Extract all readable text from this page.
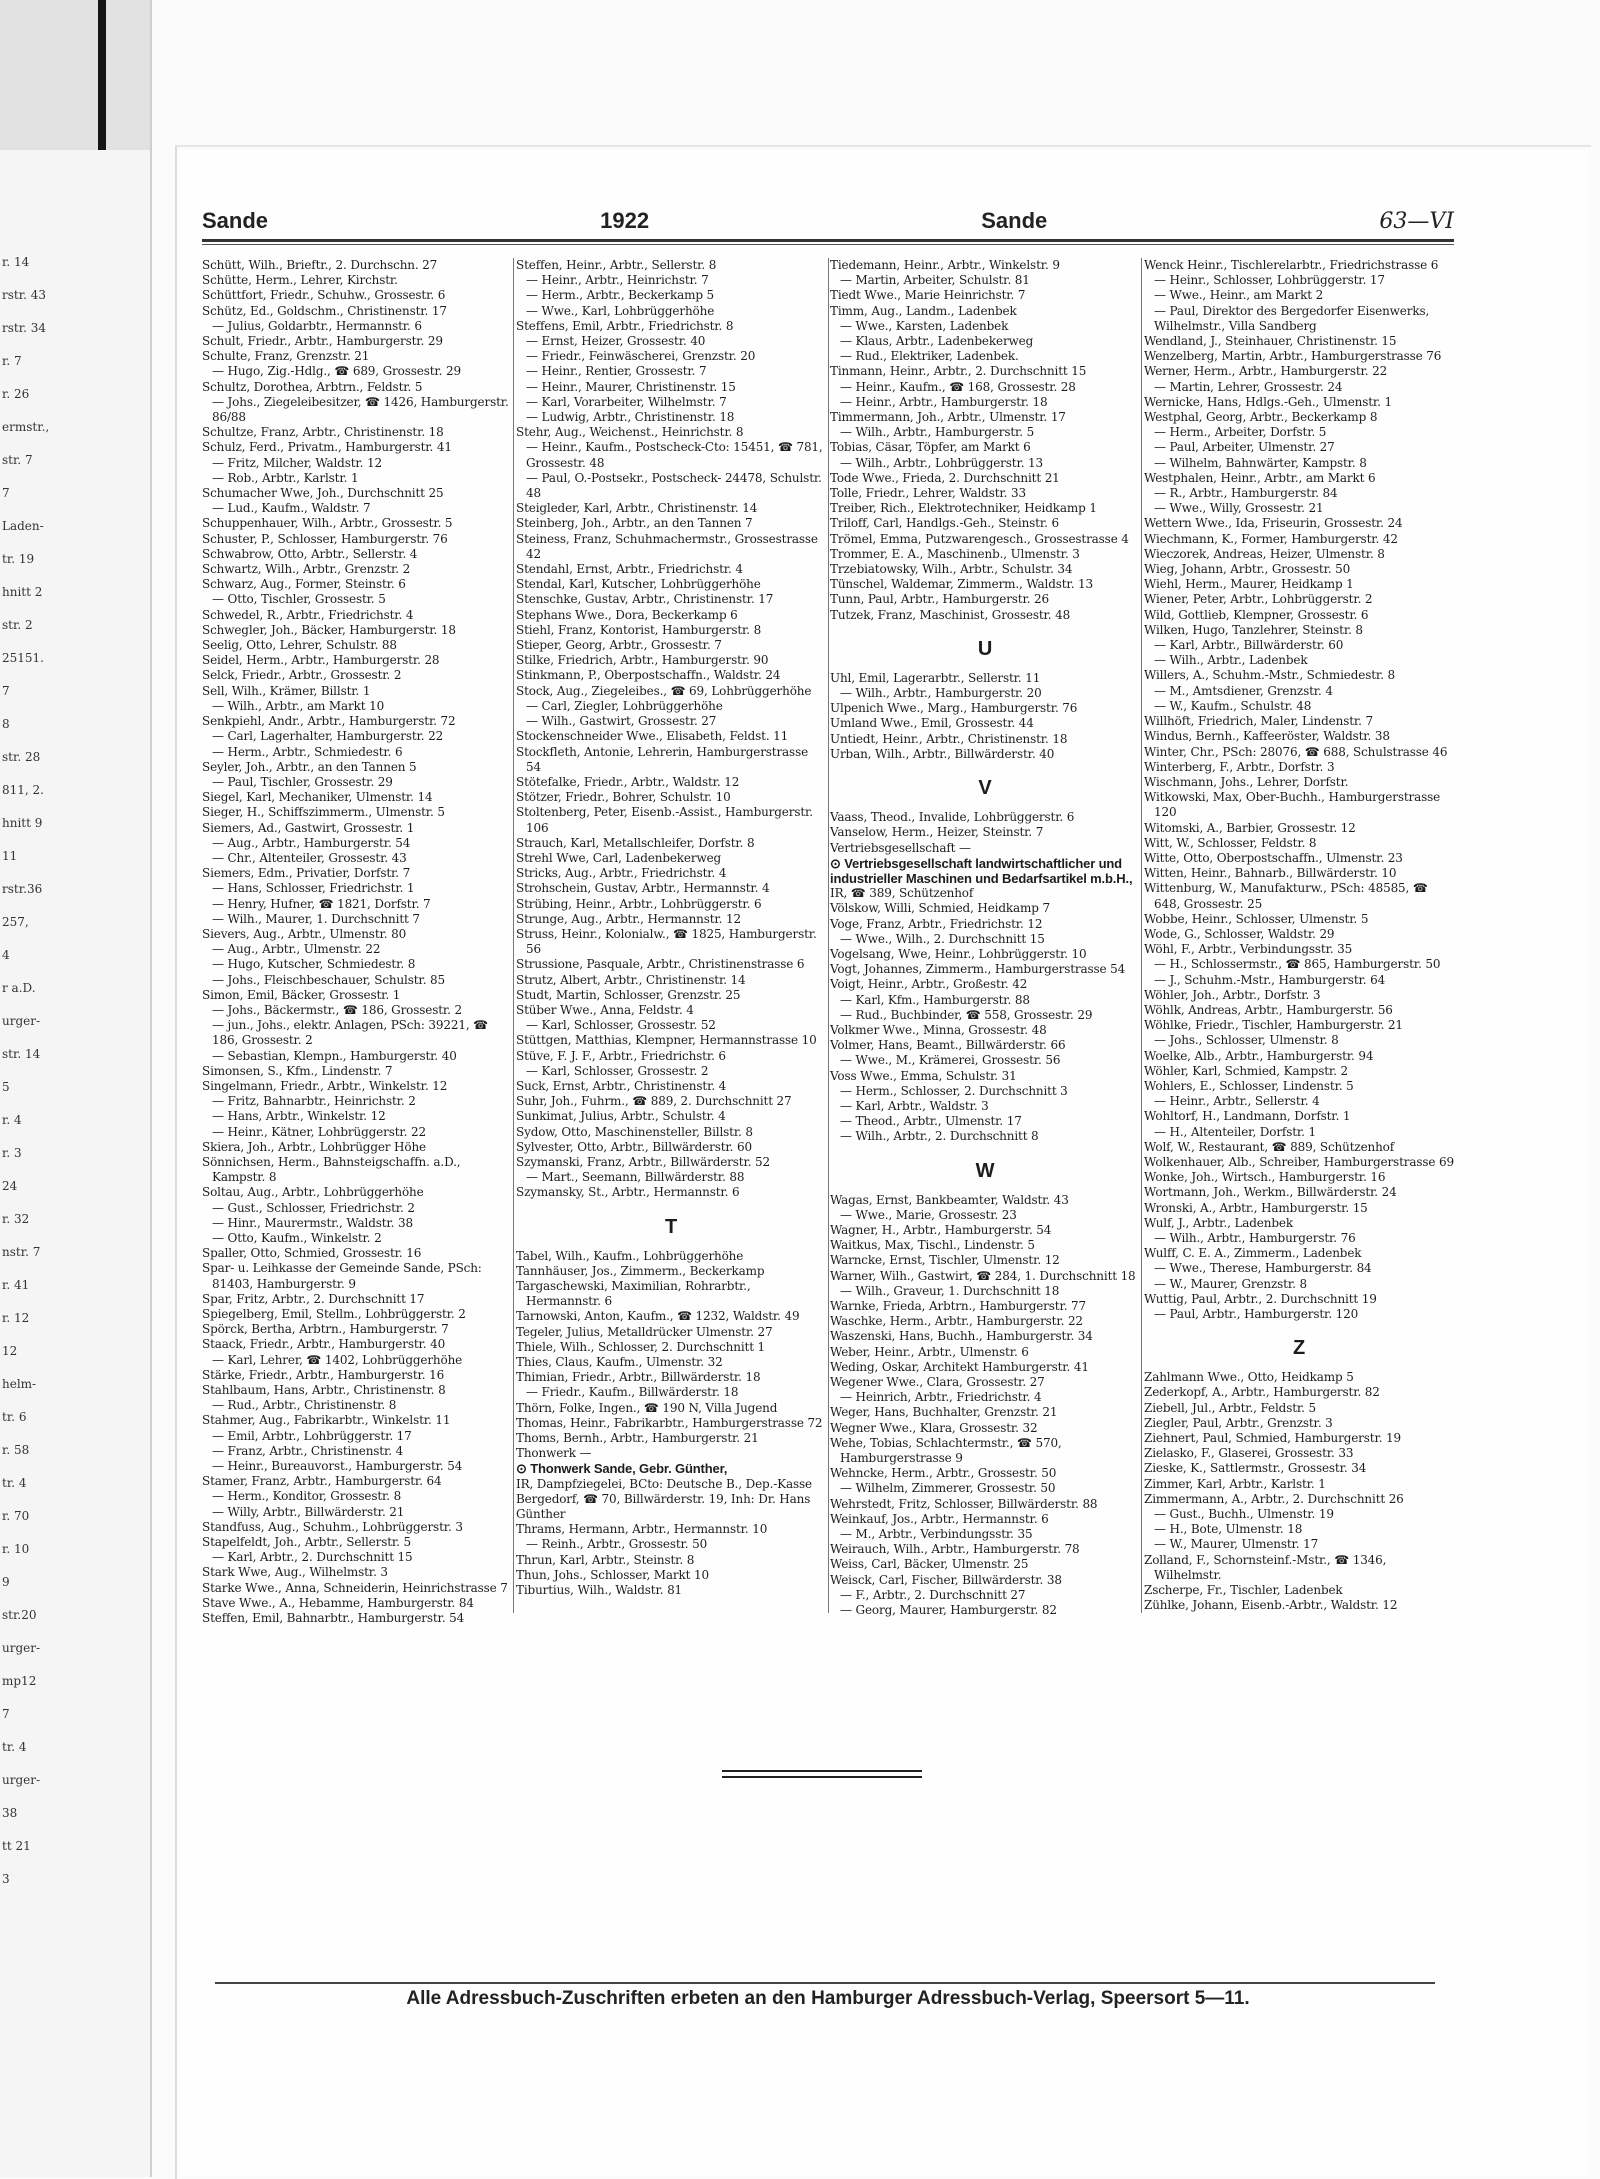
r. 14
rstr. 43
rstr. 34
r. 7
r. 26
ermstr.,
str. 7
7
Laden-
tr. 19
hnitt 2
str. 2
25151.
7
8
str. 28
811, 2.
hnitt 9
11
rstr.36
257,
4
r a.D.
urger-
str. 14
5
r. 4
r. 3
24
r. 32
nstr. 7
r. 41
r. 12
12
helm-
tr. 6
r. 58
tr. 4
r. 70
r. 10
9
str.20
urger-
mp12
7
tr. 4
urger-
38
tt 21
3
Sande	1922	Sande	63—VI
Schütt, Wilh., Brieftr., 2. Durchschn. 27
Schütte, Herm., Lehrer, Kirchstr.
Schüttfort, Friedr., Schuhw., Grossestr. 6
Schütz, Ed., Goldschm., Christinenstr. 17
— Julius, Goldarbtr., Hermannstr. 6
Schult, Friedr., Arbtr., Hamburgerstr. 29
Schulte, Franz, Grenzstr. 21
— Hugo, Zig.-Hdlg., ☎ 689, Grossestr. 29
Schultz, Dorothea, Arbtrn., Feldstr. 5
— Johs., Ziegeleibesitzer, ☎ 1426, Hamburgerstr. 86/88
Schultze, Franz, Arbtr., Christinenstr. 18
Schulz, Ferd., Privatm., Hamburgerstr. 41
— Fritz, Milcher, Waldstr. 12
— Rob., Arbtr., Karlstr. 1
Schumacher Wwe, Joh., Durchschnitt 25
— Lud., Kaufm., Waldstr. 7
Schuppenhauer, Wilh., Arbtr., Grossestr. 5
Schuster, P., Schlosser, Hamburgerstr. 76
Schwabrow, Otto, Arbtr., Sellerstr. 4
Schwartz, Wilh., Arbtr., Grenzstr. 2
Schwarz, Aug., Former, Steinstr. 6
— Otto, Tischler, Grossestr. 5
Schwedel, R., Arbtr., Friedrichstr. 4
Schwegler, Joh., Bäcker, Hamburgerstr. 18
Seelig, Otto, Lehrer, Schulstr. 88
Seidel, Herm., Arbtr., Hamburgerstr. 28
Selck, Friedr., Arbtr., Grossestr. 2
Sell, Wilh., Krämer, Billstr. 1
— Wilh., Arbtr., am Markt 10
Senkpiehl, Andr., Arbtr., Hamburgerstr. 72
— Carl, Lagerhalter, Hamburgerstr. 22
— Herm., Arbtr., Schmiedestr. 6
Seyler, Joh., Arbtr., an den Tannen 5
— Paul, Tischler, Grossestr. 29
Siegel, Karl, Mechaniker, Ulmenstr. 14
Sieger, H., Schiffszimmerm., Ulmenstr. 5
Siemers, Ad., Gastwirt, Grossestr. 1
— Aug., Arbtr., Hamburgerstr. 54
— Chr., Altenteiler, Grossestr. 43
Siemers, Edm., Privatier, Dorfstr. 7
— Hans, Schlosser, Friedrichstr. 1
— Henry, Hufner, ☎ 1821, Dorfstr. 7
— Wilh., Maurer, 1. Durchschnitt 7
Sievers, Aug., Arbtr., Ulmenstr. 80
— Aug., Arbtr., Ulmenstr. 22
— Hugo, Kutscher, Schmiedestr. 8
— Johs., Fleischbeschauer, Schulstr. 85
Simon, Emil, Bäcker, Grossestr. 1
— Johs., Bäckermstr., ☎ 186, Grossestr. 2
— jun., Johs., elektr. Anlagen, PSch: 39221, ☎ 186, Grossestr. 2
— Sebastian, Klempn., Hamburgerstr. 40
Simonsen, S., Kfm., Lindenstr. 7
Singelmann, Friedr., Arbtr., Winkelstr. 12
— Fritz, Bahnarbtr., Heinrichstr. 2
— Hans, Arbtr., Winkelstr. 12
— Heinr., Kätner, Lohbrüggerstr. 22
Skiera, Joh., Arbtr., Lohbrügger Höhe
Sönnichsen, Herm., Bahnsteigschaffn. a.D., Kampstr. 8
Soltau, Aug., Arbtr., Lohbrüggerhöhe
— Gust., Schlosser, Friedrichstr. 2
— Hinr., Maurermstr., Waldstr. 38
— Otto, Kaufm., Winkelstr. 2
Spaller, Otto, Schmied, Grossestr. 16
Spar- u. Leihkasse der Gemeinde Sande, PSch: 81403, Hamburgerstr. 9
Spar, Fritz, Arbtr., 2. Durchschnitt 17
Spiegelberg, Emil, Stellm., Lohbrüggerstr. 2
Spörck, Bertha, Arbtrn., Hamburgerstr. 7
Staack, Friedr., Arbtr., Hamburgerstr. 40
— Karl, Lehrer, ☎ 1402, Lohbrüggerhöhe
Stärke, Friedr., Arbtr., Hamburgerstr. 16
Stahlbaum, Hans, Arbtr., Christinenstr. 8
— Rud., Arbtr., Christinenstr. 8
Stahmer, Aug., Fabrikarbtr., Winkelstr. 11
— Emil, Arbtr., Lohbrüggerstr. 17
— Franz, Arbtr., Christinenstr. 4
— Heinr., Bureauvorst., Hamburgerstr. 54
Stamer, Franz, Arbtr., Hamburgerstr. 64
— Herm., Konditor, Grossestr. 8
— Willy, Arbtr., Billwärderstr. 21
Standfuss, Aug., Schuhm., Lohbrüggerstr. 3
Stapelfeldt, Joh., Arbtr., Sellerstr. 5
— Karl, Arbtr., 2. Durchschnitt 15
Stark Wwe, Aug., Wilhelmstr. 3
Starke Wwe., Anna, Schneiderin, Heinrichstrasse 7
Stave Wwe., A., Hebamme, Hamburgerstr. 84
Steffen, Emil, Bahnarbtr., Hamburgerstr. 54
Steffen, Heinr., Arbtr., Sellerstr. 8
— Heinr., Arbtr., Heinrichstr. 7
— Herm., Arbtr., Beckerkamp 5
— Wwe., Karl, Lohbrüggerhöhe
Steffens, Emil, Arbtr., Friedrichstr. 8
— Ernst, Heizer, Grossestr. 40
— Friedr., Feinwäscherei, Grenzstr. 20
— Heinr., Rentier, Grossestr. 7
— Heinr., Maurer, Christinenstr. 15
— Karl, Vorarbeiter, Wilhelmstr. 7
— Ludwig, Arbtr., Christinenstr. 18
Stehr, Aug., Weichenst., Heinrichstr. 8
— Heinr., Kaufm., Postscheck-Cto: 15451, ☎ 781, Grossestr. 48
— Paul, O.-Postsekr., Postscheck- 24478, Schulstr. 48
Steigleder, Karl, Arbtr., Christinenstr. 14
Steinberg, Joh., Arbtr., an den Tannen 7
Steiness, Franz, Schuhmachermstr., Grossestrasse 42
Stendahl, Ernst, Arbtr., Friedrichstr. 4
Stendal, Karl, Kutscher, Lohbrüggerhöhe
Stenschke, Gustav, Arbtr., Christinenstr. 17
Stephans Wwe., Dora, Beckerkamp 6
Stiehl, Franz, Kontorist, Hamburgerstr. 8
Stieper, Georg, Arbtr., Grossestr. 7
Stilke, Friedrich, Arbtr., Hamburgerstr. 90
Stinkmann, P., Oberpostschaffn., Waldstr. 24
Stock, Aug., Ziegeleibes., ☎ 69, Lohbrüggerhöhe
— Carl, Ziegler, Lohbrüggerhöhe
— Wilh., Gastwirt, Grossestr. 27
Stockenschneider Wwe., Elisabeth, Feldst. 11
Stockfleth, Antonie, Lehrerin, Hamburgerstrasse 54
Stötefalke, Friedr., Arbtr., Waldstr. 12
Stötzer, Friedr., Bohrer, Schulstr. 10
Stoltenberg, Peter, Eisenb.-Assist., Hamburgerstr. 106
Strauch, Karl, Metallschleifer, Dorfstr. 8
Strehl Wwe, Carl, Ladenbekerweg
Stricks, Aug., Arbtr., Friedrichstr. 4
Strohschein, Gustav, Arbtr., Hermannstr. 4
Strübing, Heinr., Arbtr., Lohbrüggerstr. 6
Strunge, Aug., Arbtr., Hermannstr. 12
Struss, Heinr., Kolonialw., ☎ 1825, Hamburgerstr. 56
Strussione, Pasquale, Arbtr., Christinenstrasse 6
Strutz, Albert, Arbtr., Christinenstr. 14
Studt, Martin, Schlosser, Grenzstr. 25
Stüber Wwe., Anna, Feldstr. 4
— Karl, Schlosser, Grossestr. 52
Stüttgen, Matthias, Klempner, Hermannstrasse 10
Stüve, F. J. F., Arbtr., Friedrichstr. 6
— Karl, Schlosser, Grossestr. 2
Suck, Ernst, Arbtr., Christinenstr. 4
Suhr, Joh., Fuhrm., ☎ 889, 2. Durchschnitt 27
Sunkimat, Julius, Arbtr., Schulstr. 4
Sydow, Otto, Maschinensteller, Billstr. 8
Sylvester, Otto, Arbtr., Billwärderstr. 60
Szymanski, Franz, Arbtr., Billwärderstr. 52
— Mart., Seemann, Billwärderstr. 88
Szymansky, St., Arbtr., Hermannstr. 6
T
Tabel, Wilh., Kaufm., Lohbrüggerhöhe
Tannhäuser, Jos., Zimmerm., Beckerkamp
Targaschewski, Maximilian, Rohrarbtr., Hermannstr. 6
Tarnowski, Anton, Kaufm., ☎ 1232, Waldstr. 49
Tegeler, Julius, Metalldrücker Ulmenstr. 27
Thiele, Wilh., Schlosser, 2. Durchschnitt 1
Thies, Claus, Kaufm., Ulmenstr. 32
Thimian, Friedr., Arbtr., Billwärderstr. 18
— Friedr., Kaufm., Billwärderstr. 18
Thörn, Folke, Ingen., ☎ 190 N, Villa Jugend
Thomas, Heinr., Fabrikarbtr., Hamburgerstrasse 72
Thoms, Bernh., Arbtr., Hamburgerstr. 21
Thonwerk —
⊙ Thonwerk Sande, Gebr. Günther,
IR, Dampfziegelei, BCto: Deutsche B., Dep.-Kasse Bergedorf, ☎ 70, Billwärderstr. 19, Inh: Dr. Hans Günther
Thrams, Hermann, Arbtr., Hermannstr. 10
— Reinh., Arbtr., Grossestr. 50
Thrun, Karl, Arbtr., Steinstr. 8
Thun, Johs., Schlosser, Markt 10
Tiburtius, Wilh., Waldstr. 81
Tiedemann, Heinr., Arbtr., Winkelstr. 9
— Martin, Arbeiter, Schulstr. 81
Tiedt Wwe., Marie Heinrichstr. 7
Timm, Aug., Landm., Ladenbek
— Wwe., Karsten, Ladenbek
— Klaus, Arbtr., Ladenbekerweg
— Rud., Elektriker, Ladenbek.
Tinmann, Heinr., Arbtr., 2. Durchschnitt 15
— Heinr., Kaufm., ☎ 168, Grossestr. 28
— Heinr., Arbtr., Hamburgerstr. 18
Timmermann, Joh., Arbtr., Ulmenstr. 17
— Wilh., Arbtr., Hamburgerstr. 5
Tobias, Cäsar, Töpfer, am Markt 6
— Wilh., Arbtr., Lohbrüggerstr. 13
Tode Wwe., Frieda, 2. Durchschnitt 21
Tolle, Friedr., Lehrer, Waldstr. 33
Treiber, Rich., Elektrotechniker, Heidkamp 1
Triloff, Carl, Handlgs.-Geh., Steinstr. 6
Trömel, Emma, Putzwarengesch., Grossestrasse 4
Trommer, E. A., Maschinenb., Ulmenstr. 3
Trzebiatowsky, Wilh., Arbtr., Schulstr. 34
Tünschel, Waldemar, Zimmerm., Waldstr. 13
Tunn, Paul, Arbtr., Hamburgerstr. 26
Tutzek, Franz, Maschinist, Grossestr. 48
U
Uhl, Emil, Lagerarbtr., Sellerstr. 11
— Wilh., Arbtr., Hamburgerstr. 20
Ulpenich Wwe., Marg., Hamburgerstr. 76
Umland Wwe., Emil, Grossestr. 44
Untiedt, Heinr., Arbtr., Christinenstr. 18
Urban, Wilh., Arbtr., Billwärderstr. 40
V
Vaass, Theod., Invalide, Lohbrüggerstr. 6
Vanselow, Herm., Heizer, Steinstr. 7
Vertriebsgesellschaft —
⊙ Vertriebsgesellschaft landwirtschaftlicher und industrieller Maschinen und Bedarfsartikel m.b.H.,
IR, ☎ 389, Schützenhof
Völskow, Willi, Schmied, Heidkamp 7
Voge, Franz, Arbtr., Friedrichstr. 12
— Wwe., Wilh., 2. Durchschnitt 15
Vogelsang, Wwe, Heinr., Lohbrüggerstr. 10
Vogt, Johannes, Zimmerm., Hamburgerstrasse 54
Voigt, Heinr., Arbtr., Großestr. 42
— Karl, Kfm., Hamburgerstr. 88
— Rud., Buchbinder, ☎ 558, Grossestr. 29
Volkmer Wwe., Minna, Grossestr. 48
Volmer, Hans, Beamt., Billwärderstr. 66
— Wwe., M., Krämerei, Grossestr. 56
Voss Wwe., Emma, Schulstr. 31
— Herm., Schlosser, 2. Durchschnitt 3
— Karl, Arbtr., Waldstr. 3
— Theod., Arbtr., Ulmenstr. 17
— Wilh., Arbtr., 2. Durchschnitt 8
W
Wagas, Ernst, Bankbeamter, Waldstr. 43
— Wwe., Marie, Grossestr. 23
Wagner, H., Arbtr., Hamburgerstr. 54
Waitkus, Max, Tischl., Lindenstr. 5
Warncke, Ernst, Tischler, Ulmenstr. 12
Warner, Wilh., Gastwirt, ☎ 284, 1. Durchschnitt 18
— Wilh., Graveur, 1. Durchschnitt 18
Warnke, Frieda, Arbtrn., Hamburgerstr. 77
Waschke, Herm., Arbtr., Hamburgerstr. 22
Waszenski, Hans, Buchh., Hamburgerstr. 34
Weber, Heinr., Arbtr., Ulmenstr. 6
Weding, Oskar, Architekt Hamburgerstr. 41
Wegener Wwe., Clara, Grossestr. 27
— Heinrich, Arbtr., Friedrichstr. 4
Weger, Hans, Buchhalter, Grenzstr. 21
Wegner Wwe., Klara, Grossestr. 32
Wehe, Tobias, Schlachtermstr., ☎ 570, Hamburgerstrasse 9
Wehncke, Herm., Arbtr., Grossestr. 50
— Wilhelm, Zimmerer, Grossestr. 50
Wehrstedt, Fritz, Schlosser, Billwärderstr. 88
Weinkauf, Jos., Arbtr., Hermannstr. 6
— M., Arbtr., Verbindungsstr. 35
Weirauch, Wilh., Arbtr., Hamburgerstr. 78
Weiss, Carl, Bäcker, Ulmenstr. 25
Weisck, Carl, Fischer, Billwärderstr. 38
— F., Arbtr., 2. Durchschnitt 27
— Georg, Maurer, Hamburgerstr. 82
Wenck Heinr., Tischlerelarbtr., Friedrichstrasse 6
— Heinr., Schlosser, Lohbrüggerstr. 17
— Wwe., Heinr., am Markt 2
— Paul, Direktor des Bergedorfer Eisenwerks, Wilhelmstr., Villa Sandberg
Wendland, J., Steinhauer, Christinenstr. 15
Wenzelberg, Martin, Arbtr., Hamburgerstrasse 76
Werner, Herm., Arbtr., Hamburgerstr. 22
— Martin, Lehrer, Grossestr. 24
Wernicke, Hans, Hdlgs.-Geh., Ulmenstr. 1
Westphal, Georg, Arbtr., Beckerkamp 8
— Herm., Arbeiter, Dorfstr. 5
— Paul, Arbeiter, Ulmenstr. 27
— Wilhelm, Bahnwärter, Kampstr. 8
Westphalen, Heinr., Arbtr., am Markt 6
— R., Arbtr., Hamburgerstr. 84
— Wwe., Willy, Grossestr. 21
Wettern Wwe., Ida, Friseurin, Grossestr. 24
Wiechmann, K., Former, Hamburgerstr. 42
Wieczorek, Andreas, Heizer, Ulmenstr. 8
Wieg, Johann, Arbtr., Grossestr. 50
Wiehl, Herm., Maurer, Heidkamp 1
Wiener, Peter, Arbtr., Lohbrüggerstr. 2
Wild, Gottlieb, Klempner, Grossestr. 6
Wilken, Hugo, Tanzlehrer, Steinstr. 8
— Karl, Arbtr., Billwärderstr. 60
— Wilh., Arbtr., Ladenbek
Willers, A., Schuhm.-Mstr., Schmiedestr. 8
— M., Amtsdiener, Grenzstr. 4
— W., Kaufm., Schulstr. 48
Willhöft, Friedrich, Maler, Lindenstr. 7
Windus, Bernh., Kaffeeröster, Waldstr. 38
Winter, Chr., PSch: 28076, ☎ 688, Schulstrasse 46
Winterberg, F., Arbtr., Dorfstr. 3
Wischmann, Johs., Lehrer, Dorfstr.
Witkowski, Max, Ober-Buchh., Hamburgerstrasse 120
Witomski, A., Barbier, Grossestr. 12
Witt, W., Schlosser, Feldstr. 8
Witte, Otto, Oberpostschaffn., Ulmenstr. 23
Witten, Heinr., Bahnarb., Billwärderstr. 10
Wittenburg, W., Manufakturw., PSch: 48585, ☎ 648, Grossestr. 25
Wobbe, Heinr., Schlosser, Ulmenstr. 5
Wode, G., Schlosser, Waldstr. 29
Wöhl, F., Arbtr., Verbindungsstr. 35
— H., Schlossermstr., ☎ 865, Hamburgerstr. 50
— J., Schuhm.-Mstr., Hamburgerstr. 64
Wöhler, Joh., Arbtr., Dorfstr. 3
Wöhlk, Andreas, Arbtr., Hamburgerstr. 56
Wöhlke, Friedr., Tischler, Hamburgerstr. 21
— Johs., Schlosser, Ulmenstr. 8
Woelke, Alb., Arbtr., Hamburgerstr. 94
Wöhler, Karl, Schmied, Kampstr. 2
Wohlers, E., Schlosser, Lindenstr. 5
— Heinr., Arbtr., Sellerstr. 4
Wohltorf, H., Landmann, Dorfstr. 1
— H., Altenteiler, Dorfstr. 1
Wolf, W., Restaurant, ☎ 889, Schützenhof
Wolkenhauer, Alb., Schreiber, Hamburgerstrasse 69
Wonke, Joh., Wirtsch., Hamburgerstr. 16
Wortmann, Joh., Werkm., Billwärderstr. 24
Wronski, A., Arbtr., Hamburgerstr. 15
Wulf, J., Arbtr., Ladenbek
— Wilh., Arbtr., Hamburgerstr. 76
Wulff, C. E. A., Zimmerm., Ladenbek
— Wwe., Therese, Hamburgerstr. 84
— W., Maurer, Grenzstr. 8
Wuttig, Paul, Arbtr., 2. Durchschnitt 19
— Paul, Arbtr., Hamburgerstr. 120
Z
Zahlmann Wwe., Otto, Heidkamp 5
Zederkopf, A., Arbtr., Hamburgerstr. 82
Ziebell, Jul., Arbtr., Feldstr. 5
Ziegler, Paul, Arbtr., Grenzstr. 3
Ziehnert, Paul, Schmied, Hamburgerstr. 19
Zielasko, F., Glaserei, Grossestr. 33
Zieske, K., Sattlermstr., Grossestr. 34
Zimmer, Karl, Arbtr., Karlstr. 1
Zimmermann, A., Arbtr., 2. Durchschnitt 26
— Gust., Buchh., Ulmenstr. 19
— H., Bote, Ulmenstr. 18
— W., Maurer, Ulmenstr. 17
Zolland, F., Schornsteinf.-Mstr., ☎ 1346, Wilhelmstr.
Zscherpe, Fr., Tischler, Ladenbek
Zühlke, Johann, Eisenb.-Arbtr., Waldstr. 12
Alle Adressbuch-Zuschriften erbeten an den Hamburger Adressbuch-Verlag, Speersort 5—11.
